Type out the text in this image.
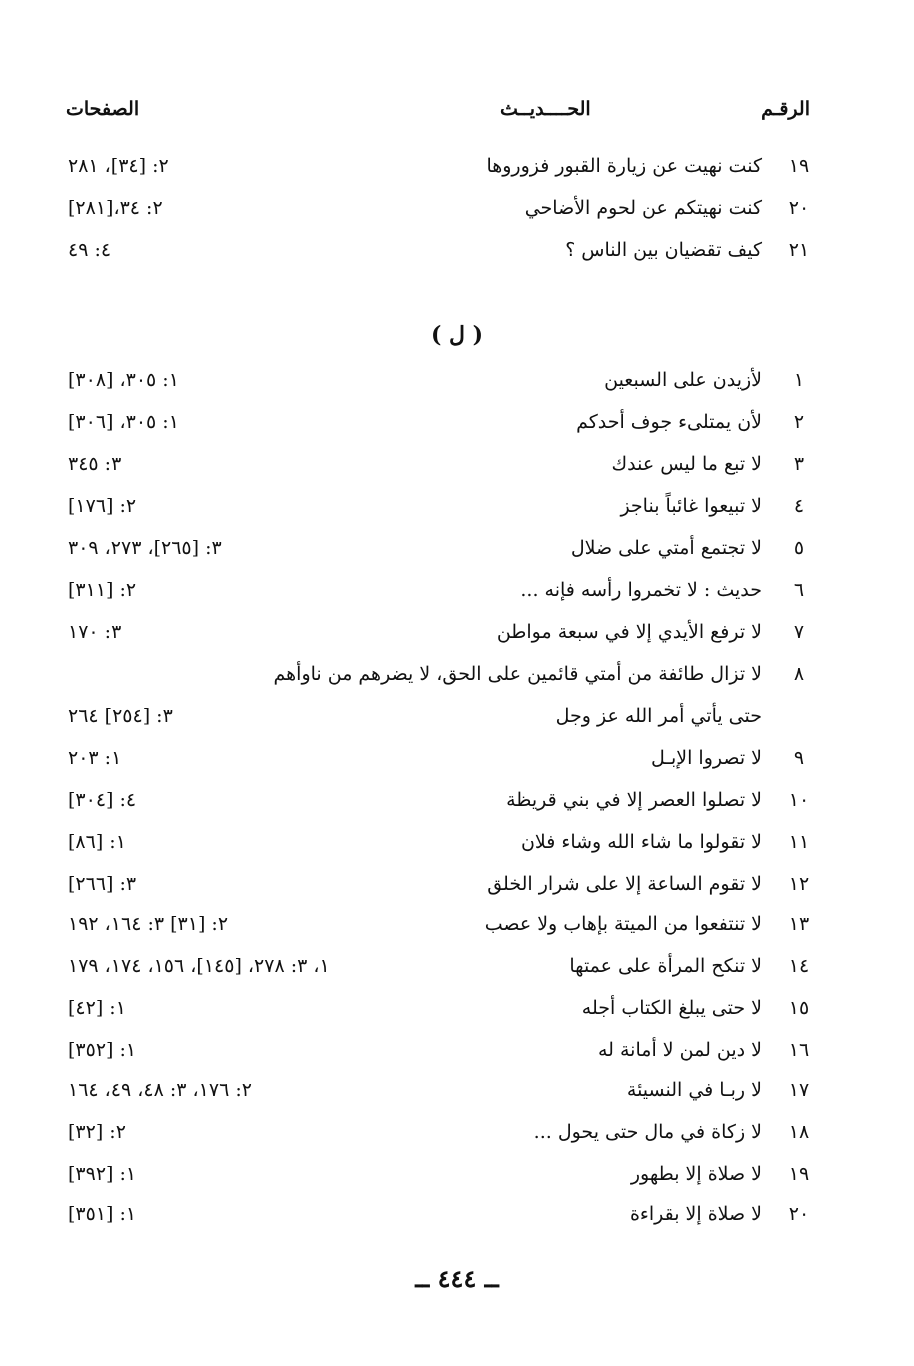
الرقـم
الحــــديــث
الصفحات
١٩
كنت نهيت عن زيارة القبور فزوروها
٢: [٣٤]، ٢٨١
٢٠
كنت نهيتكم عن لحوم الأضاحي
٢: ٣٤،[٢٨١]
٢١
كيف تقضيان بين الناس ؟
٤: ٤٩
( ل )
١
لأزيدن على السبعين
١: ٣٠٥، [٣٠٨]
٢
لأن يمتلىء جوف أحدكم
١: ٣٠٥، [٣٠٦]
٣
لا تبع ما ليس عندك
٣: ٣٤٥
٤
لا تبيعوا غائباً بناجز
٢: [١٧٦]
٥
لا تجتمع أمتي على ضلال
٣: [٢٦٥]، ٢٧٣، ٣٠٩
٦
حديث : لا تخمروا رأسه فإنه ...
٢: [٣١١]
٧
لا ترفع الأيدي إلا في سبعة مواطن
٣: ١٧٠
٨
لا تزال طائفة من أمتي قائمين على الحق، لا يضرهم من ناوأهم
حتى يأتي أمر الله عز وجل
٣: [٢٥٤] ٢٦٤
٩
لا تصروا الإبـل
١: ٢٠٣
١٠
لا تصلوا العصر إلا في بني قريظة
٤: [٣٠٤]
١١
لا تقولوا ما شاء الله وشاء فلان
١: [٨٦]
١٢
لا تقوم الساعة إلا على شرار الخلق
٣: [٢٦٦]
١٣
لا تنتفعوا من الميتة بإهاب ولا عصب
٢: [٣١] ٣: ١٦٤، ١٩٢
١٤
لا تنكح المرأة على عمتها
١، ٣: ٢٧٨، [١٤٥]، ١٥٦، ١٧٤، ١٧٩
١٥
لا حتى يبلغ الكتاب أجله
١: [٤٢]
١٦
لا دين لمن لا أمانة له
١: [٣٥٢]
١٧
لا ربـا في النسيئة
٢: ١٧٦، ٣: ٤٨، ٤٩، ١٦٤
١٨
لا زكاة في مال حتى يحول ...
٢: [٣٢]
١٩
لا صلاة إلا بطهور
١: [٣٩٢]
٢٠
لا صلاة إلا بقراءة
١: [٣٥١]
ــ ٤٤٤ ــ
